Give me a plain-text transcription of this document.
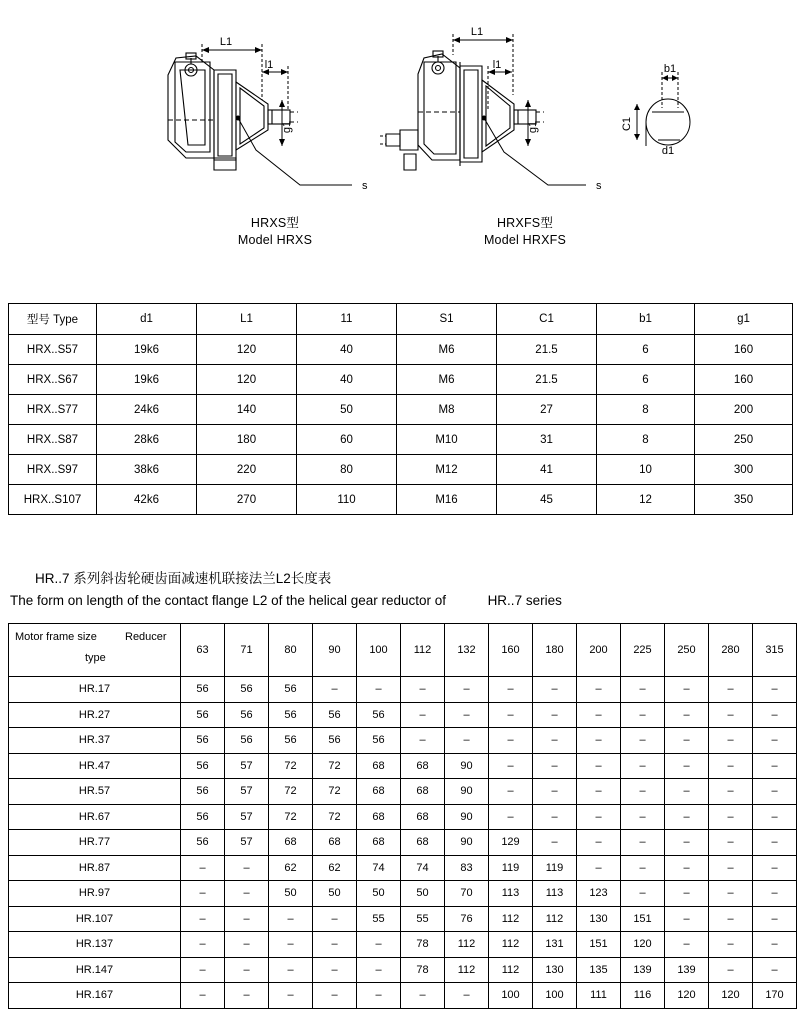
L1
l1
g1
s
L1
l1
g1
s
b1
C1
d1
HRXS型
Model HRXS
HRXFS型
Model HRXFS
型号 Type	d1	L1	11	S1	C1	b1	g1
HRX..S57	19k6	120	40	M6	21.5	6	160
HRX..S67	19k6	120	40	M6	21.5	6	160
HRX..S77	24k6	140	50	M8	27	8	200
HRX..S87	28k6	180	60	M10	31	8	250
HRX..S97	38k6	220	80	M12	41	10	300
HRX..S107	42k6	270	110	M16	45	12	350
HR..7 系列斜齿轮硬齿面减速机联接法兰L2长度表
The form on length of the contact flange L2 of the helical gear reductor of	HR..7 series
Motor frame size Reducer
type	63	71	80	90	100	112	132	160	180	200	225	250	280	315
HR.17	56	56	56	–	–	–	–	–	–	–	–	–	–	–
HR.27	56	56	56	56	56	–	–	–	–	–	–	–	–	–
HR.37	56	56	56	56	56	–	–	–	–	–	–	–	–	–
HR.47	56	57	72	72	68	68	90	–	–	–	–	–	–	–
HR.57	56	57	72	72	68	68	90	–	–	–	–	–	–	–
HR.67	56	57	72	72	68	68	90	–	–	–	–	–	–	–
HR.77	56	57	68	68	68	68	90	129	–	–	–	–	–	–
HR.87	–	–	62	62	74	74	83	119	119	–	–	–	–	–
HR.97	–	–	50	50	50	50	70	113	113	123	–	–	–	–
HR.107	–	–	–	–	55	55	76	112	112	130	151	–	–	–
HR.137	–	–	–	–	–	78	112	112	131	151	120	–	–	–
HR.147	–	–	–	–	–	78	112	112	130	135	139	139	–	–
HR.167	–	–	–	–	–	–	–	100	100	111	116	120	120	170
